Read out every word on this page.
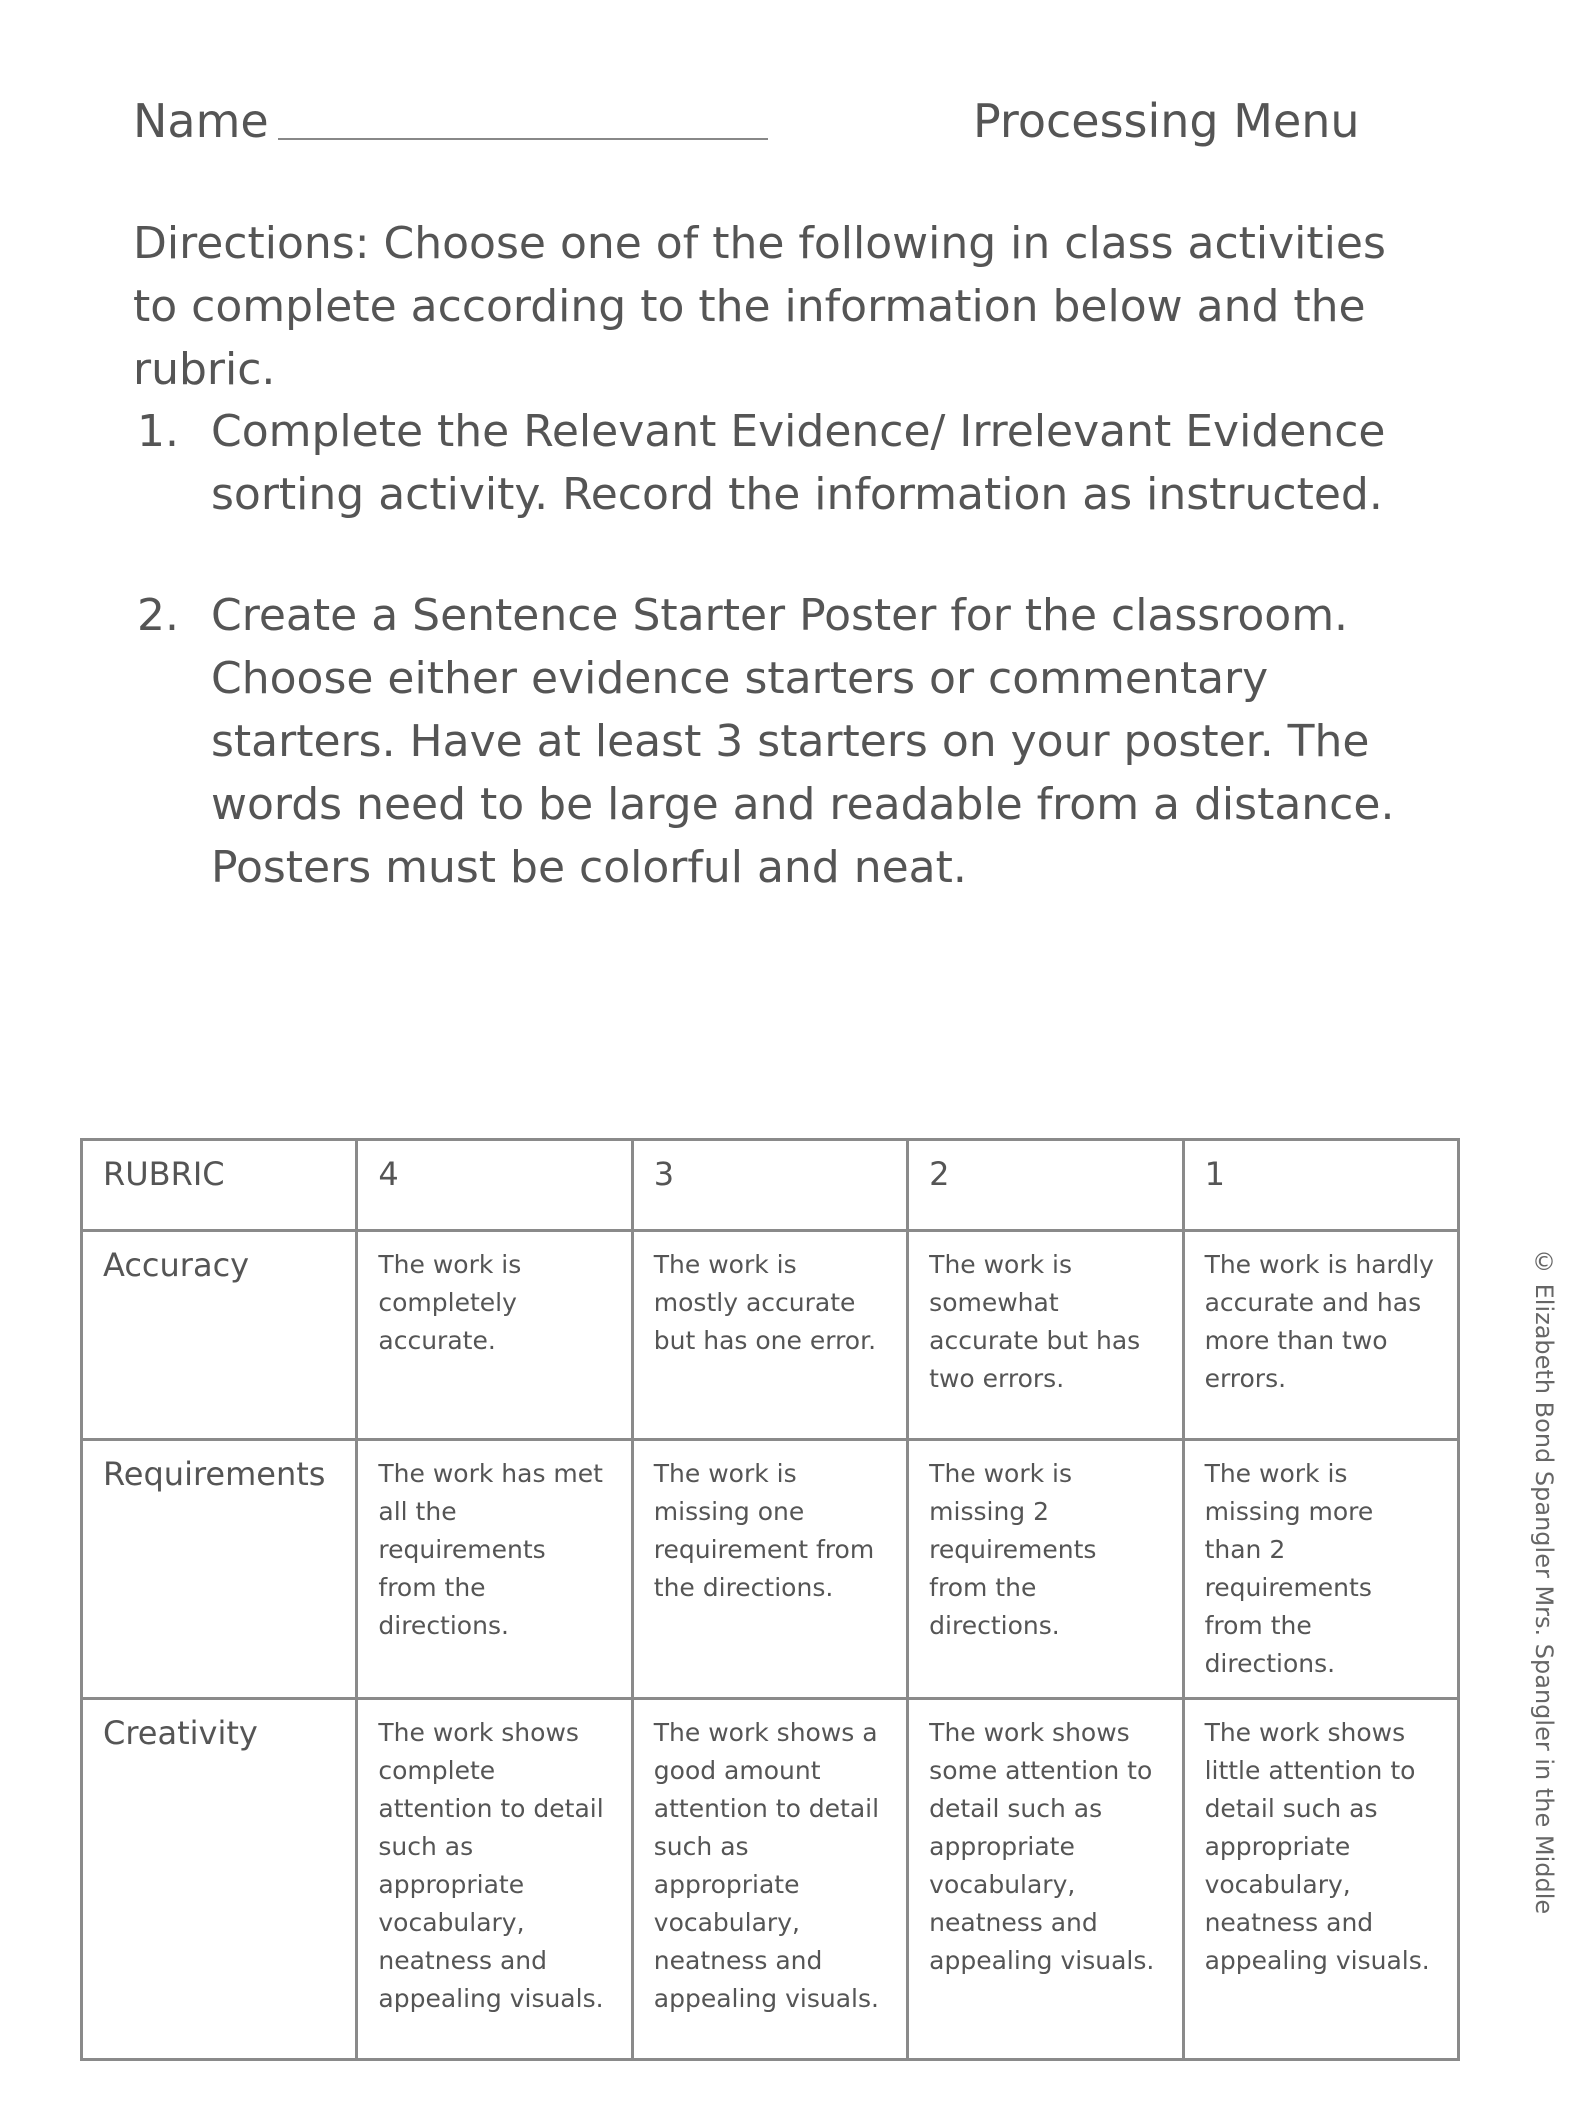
Name	Processing Menu
Directions: Choose one of the following in class activities to complete according to the information below and the rubric.
1. Complete the Relevant Evidence/ Irrelevant Evidence sorting activity. Record the information as instructed.
2. Create a Sentence Starter Poster for the classroom. Choose either evidence starters or commentary starters. Have at least 3 starters on your poster. The words need to be large and readable from a distance. Posters must be colorful and neat.
RUBRIC	4	3	2	1
Accuracy	The work is completely accurate.	The work is mostly accurate but has one error.	The work is somewhat accurate but has two errors.	The work is hardly accurate and has more than two errors.
Requirements	The work has met all the requirements from the directions.	The work is missing one requirement from the directions.	The work is missing 2 requirements from the directions.	The work is missing more than 2 requirements from the directions.
Creativity	The work shows complete attention to detail such as appropriate vocabulary, neatness and appealing visuals.	The work shows a good amount attention to detail such as appropriate vocabulary, neatness and appealing visuals.	The work shows some attention to detail such as appropriate vocabulary, neatness and appealing visuals.	The work shows little attention to detail such as appropriate vocabulary, neatness and appealing visuals.
© Elizabeth Bond Spangler Mrs. Spangler in the Middle
